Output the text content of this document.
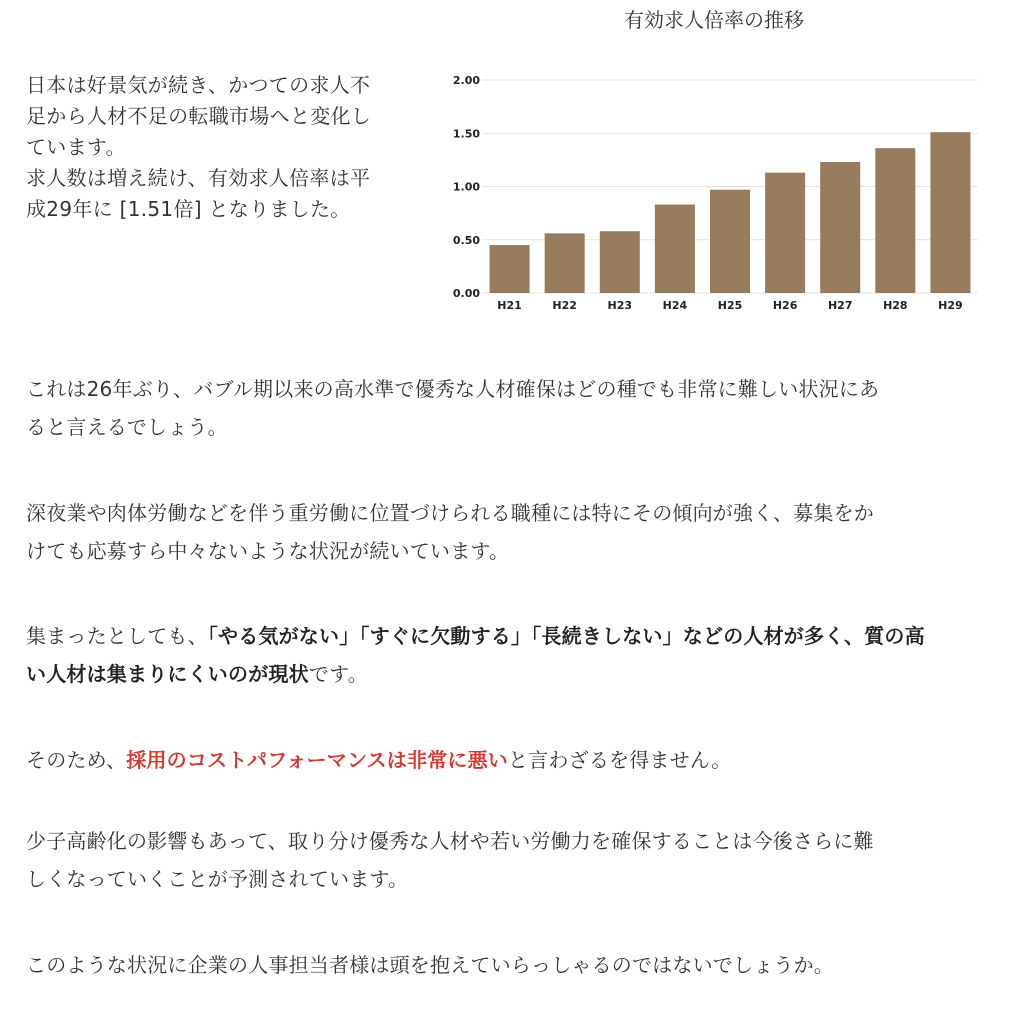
日本は好景気が続き、かつての求人不

足から人材不足の転職市場へと変化し

ています。

求人数は増え続け、有効求人倍率は平

成29年に [1.51倍] となりました。

有効求人倍率の推移
0.00
0.50
1.00
1.50
2.00
H21	H22	H23	H24	H25	H26	H27	H28	H29

これは26年ぶり、バブル期以来の高水準で優秀な人材確保はどの種でも非常に難しい状況にあ

ると言えるでしょう。

深夜業や肉体労働などを伴う重労働に位置づけられる職種には特にその傾向が強く、募集をか

けても応募すら中々ないような状況が続いています。

集まったとしても、「やる気がない」「すぐに欠動する」「長続きしない」などの人材が多く、質の高

い人材は集まりにくいのが現状です。

そのため、採用のコストパフォーマンスは非常に悪いと言わざるを得ません。

少子高齢化の影響もあって、取り分け優秀な人材や若い労働力を確保することは今後さらに難

しくなっていくことが予測されています。

このような状況に企業の人事担当者様は頭を抱えていらっしゃるのではないでしょうか。
